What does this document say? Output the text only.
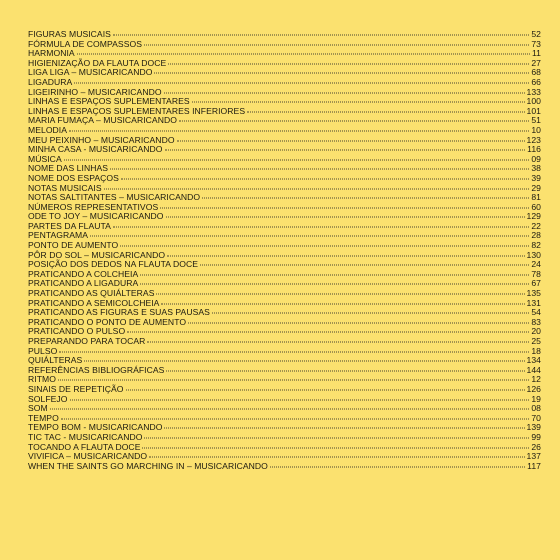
FIGURAS MUSICAIS	52
FÓRMULA DE COMPASSOS	73
HARMONIA	11
HIGIENIZAÇÃO DA FLAUTA DOCE	27
LIGA LIGA – MUSICARICANDO	68
LIGADURA	66
LIGEIRINHO – MUSICARICANDO	133
LINHAS E ESPAÇOS SUPLEMENTARES	100
LINHAS E ESPAÇOS SUPLEMENTARES INFERIORES	101
MARIA FUMAÇA – MUSICARICANDO	51
MELODIA	10
MEU PEIXINHO – MUSICARICANDO	123
MINHA CASA - MUSICARICANDO	116
MÚSICA	09
NOME DAS LINHAS	38
NOME DOS ESPAÇOS	39
NOTAS MUSICAIS	29
NOTAS SALTITANTES – MUSICARICANDO	81
NÚMEROS REPRESENTATIVOS	60
ODE TO JOY – MUSICARICANDO	129
PARTES DA FLAUTA	22
PENTAGRAMA	28
PONTO DE AUMENTO	82
PÔR DO SOL – MUSICARICANDO	130
POSIÇÃO DOS DEDOS NA FLAUTA DOCE	24
PRATICANDO A COLCHEIA	78
PRATICANDO A LIGADURA	67
PRATICANDO AS QUIÁLTERAS	135
PRATICANDO A SEMICOLCHEIA	131
PRATICANDO AS FIGURAS E SUAS PAUSAS	54
PRATICANDO O PONTO DE AUMENTO	83
PRATICANDO O PULSO	20
PREPARANDO PARA TOCAR	25
PULSO	18
QUIÁLTERAS	134
REFERÊNCIAS BIBLIOGRÁFICAS	144
RITMO	12
SINAIS DE REPETIÇÃO	126
SOLFEJO	19
SOM	08
TEMPO	70
TEMPO BOM - MUSICARICANDO	139
TIC TAC - MUSICARICANDO	99
TOCANDO A FLAUTA DOCE	26
VIVIFICA – MUSICARICANDO	137
WHEN THE SAINTS GO MARCHING IN – MUSICARICANDO	117
